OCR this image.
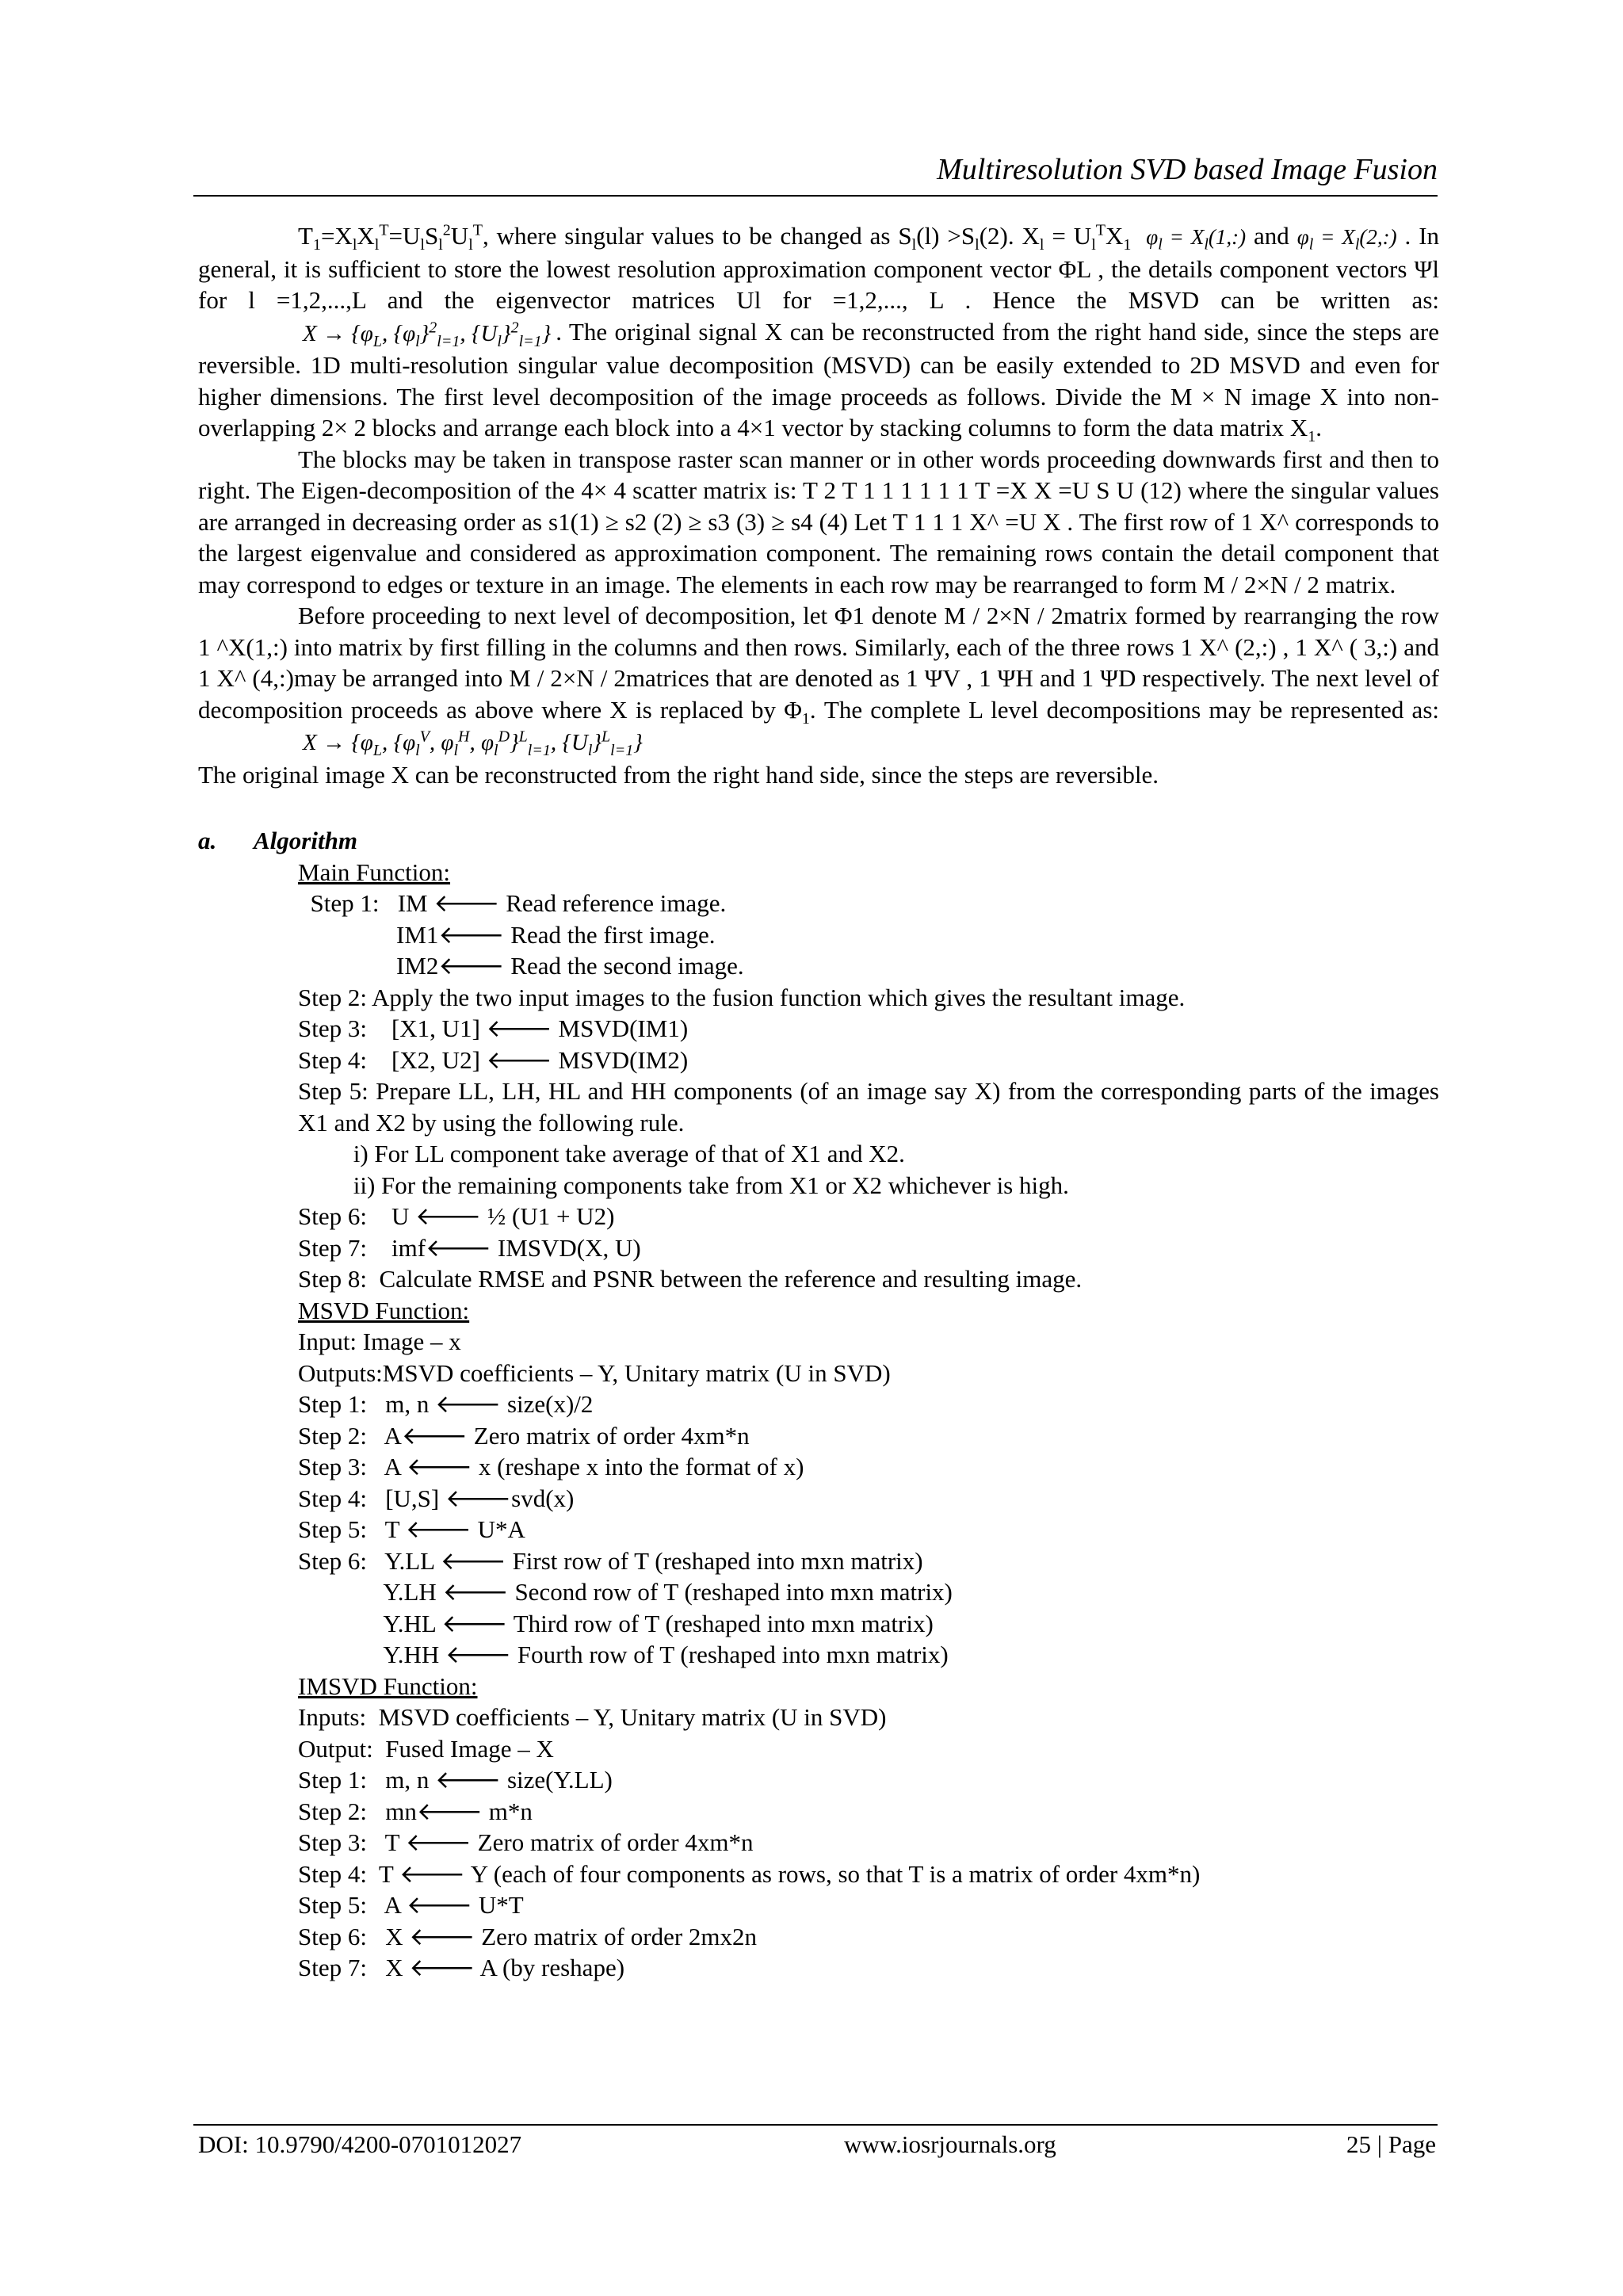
Multiresolution SVD based Image Fusion

$T_1=X_lX_l^T=U_lS_l^2U_l^T$, where singular values to be changed as $S_l(l) >S_l(2)$. $X_l = U_l^TX_1$  $\varphi_l$ = $X_l(1,:)$ and $\varphi_l$ = $X_l(2,:)$ . In general, it is sufficient to store the lowest resolution approximation component vector ΦL , the details component vectors Ψl for l =1,2,...,L and the eigenvector matrices Ul for =1,2,..., L . Hence the MSVD can be written as: $X \to \{\varphi_L$, $\{\varphi_l\}^2_{l=1}$, $\{U_l\}^2_{l=1}$} . The original signal X can be reconstructed from the right hand side, since the steps are reversible. 1D multi-resolution singular value decomposition (MSVD) can be easily extended to 2D MSVD and even for higher dimensions. The first level decomposition of the image proceeds as follows. Divide the M × N image X into non-overlapping 2× 2 blocks and arrange each block into a 4×1 vector by stacking columns to form the data matrix $X_1$.

The blocks may be taken in transpose raster scan manner or in other words proceeding downwards first and then to right. The Eigen-decomposition of the 4× 4 scatter matrix is: T 2 T 1 1 1 1 1 1 T =X X =U S U (12) where the singular values are arranged in decreasing order as s1(1) ≥ s2 (2) ≥ s3 (3) ≥ s4 (4) Let T 1 1 1 X^ =U X . The first row of 1 X^ corresponds to the largest eigenvalue and considered as approximation component. The remaining rows contain the detail component that may correspond to edges or texture in an image. The elements in each row may be rearranged to form M / 2×N / 2 matrix.

Before proceeding to next level of decomposition, let Φ1 denote M / 2×N / 2matrix formed by rearranging the row 1 ^X(1,:) into matrix by first filling in the columns and then rows. Similarly, each of the three rows 1 X^ (2,:) , 1 X^ ( 3,:) and 1 X^ (4,:)may be arranged into M / 2×N / 2matrices that are denoted as 1 ΨV , 1 ΨH and 1 ΨD respectively. The next level of decomposition proceeds as above where X is replaced by $\Phi_1$. The complete L level decompositions may be represented as: $X \to \{\varphi_L$, {$\varphi_l^V$, $\varphi_l^H$, $\varphi_l^D\}^L_{l=1}$, $\{U_l\}^L_{l=1}$}

The original image X can be reconstructed from the right hand side, since the steps are reversible.

a. Algorithm

Main Function:

Step 1:   IM 🡐 Read reference image.

IM1🡐 Read the first image.

IM2🡐 Read the second image.

Step 2: Apply the two input images to the fusion function which gives the resultant image.

Step 3:    [X1, U1] 🡐 MSVD(IM1)

Step 4:    [X2, U2] 🡐 MSVD(IM2)

Step 5: Prepare LL, LH, HL and HH components (of an image say X) from the corresponding parts of the images X1 and X2 by using the following rule.

i) For LL component take average of that of X1 and X2.

ii) For the remaining components take from X1 or X2 whichever is high.

Step 6:    U 🡐 ½ (U1 + U2)

Step 7:    imf🡐 IMSVD(X, U)

Step 8:  Calculate RMSE and PSNR between the reference and resulting image.

MSVD Function:

Input: Image – x

Outputs:MSVD coefficients – Y, Unitary matrix (U in SVD)

Step 1:   m, n 🡐 size(x)/2

Step 2:   A🡐 Zero matrix of order 4xm*n

Step 3:   A 🡐 x (reshape x into the format of x)

Step 4:   [U,S] 🡐svd(x)

Step 5:   T 🡐 U*A

Step 6:   Y.LL 🡐 First row of T (reshaped into mxn matrix)

Y.LH 🡐 Second row of T (reshaped into mxn matrix)

Y.HL 🡐 Third row of T (reshaped into mxn matrix)

Y.HH 🡐 Fourth row of T (reshaped into mxn matrix)

IMSVD Function:

Inputs:  MSVD coefficients – Y, Unitary matrix (U in SVD)

Output:  Fused Image – X

Step 1:   m, n 🡐 size(Y.LL)

Step 2:   mn🡐 m*n

Step 3:   T 🡐 Zero matrix of order 4xm*n

Step 4:  T 🡐 Y (each of four components as rows, so that T is a matrix of order 4xm*n)

Step 5:   A 🡐 U*T

Step 6:   X 🡐 Zero matrix of order 2mx2n

Step 7:   X 🡐 A (by reshape)

DOI: 10.9790/4200-0701012027	www.iosrjournals.org	25 | Page
